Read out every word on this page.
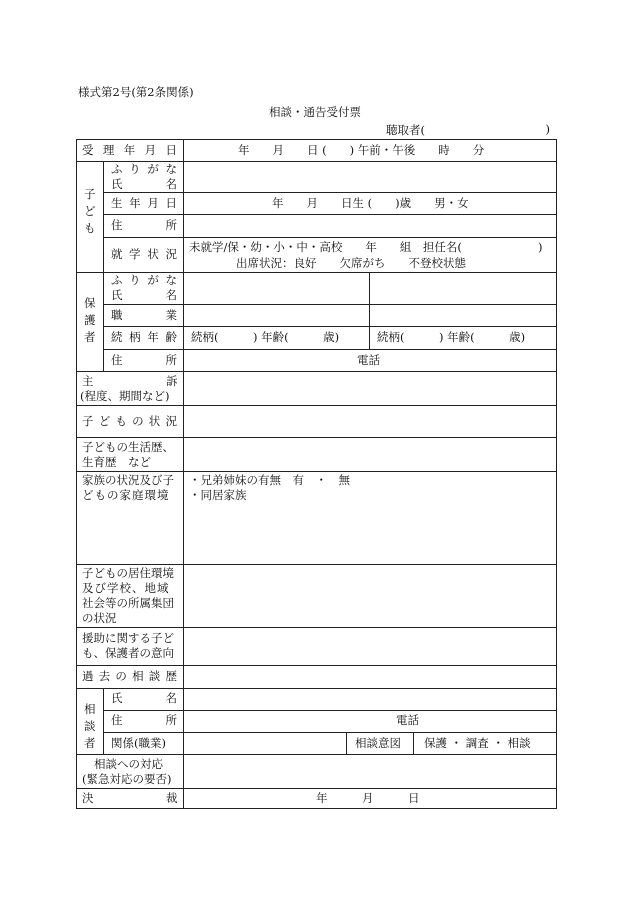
様式第2号(第2条関係)
相談・通告受付票
聴取者(	)
受 理 年 月 日	年　　月　　日 (　　) 午前・午後　　時　　分
子ども
ふ り が な
氏	名
生 年 月 日	年　　月　　日生 (　　)歳　　男・女
住	所
就 学 状 況 未就学/保・幼・小・中・高校　　年　　組　担任名(	)
出席状況：良好　　欠席がち　　不登校状態
保護者
ふ り が な
氏	名
職	業
続 柄 年 齢 続柄(　　　) 年齢(　　　歳)	続柄(　　　) 年齢(　　　歳)
住	所	電話
主	訴
(程度、期間など)
子 ど も の 状 況
子どもの生活歴、
生育歴　など
家族の状況及び子
どもの家庭環境
・兄弟姉妹の有無　有　・　無
・同居家族
子どもの居住環境
及び学校、地域
社会等の所属集団
の状況
援助に関する子ど
も、保護者の意向
過 去 の 相 談 歴
相談者
氏	名
住	所	電話
関係(職業)	相談意図 保護 ・ 調査 ・ 相談
相談への対応
(緊急対応の要否)
決	裁	年　　　月　　　日
